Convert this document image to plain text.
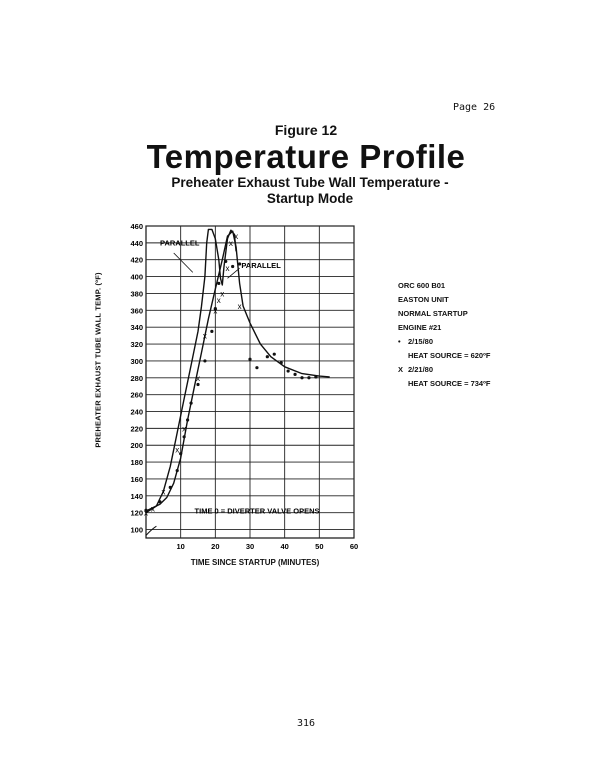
Page 26
Figure 12
Temperature Profile
Preheater Exhaust Tube Wall Temperature -
Startup Mode
100
120
140
160
180
200
220
240
260
280
300
320
340
360
380
400
420
440
460
10	20	30	40	50	60
x x
x
x
x
x
x
x
x
x
x
x
x
x
PARALLEL
PARALLEL
TIME 0 = DIVERTER VALVE OPENS
PREHEATER EXHAUST TUBE WALL TEMP. (ºF)
TIME SINCE STARTUP (MINUTES)
ORC 600 B01
EASTON UNIT
NORMAL STARTUP
ENGINE #21
• 2/15/80
HEAT SOURCE = 620ºF
X 2/21/80
HEAT SOURCE = 734ºF
316
